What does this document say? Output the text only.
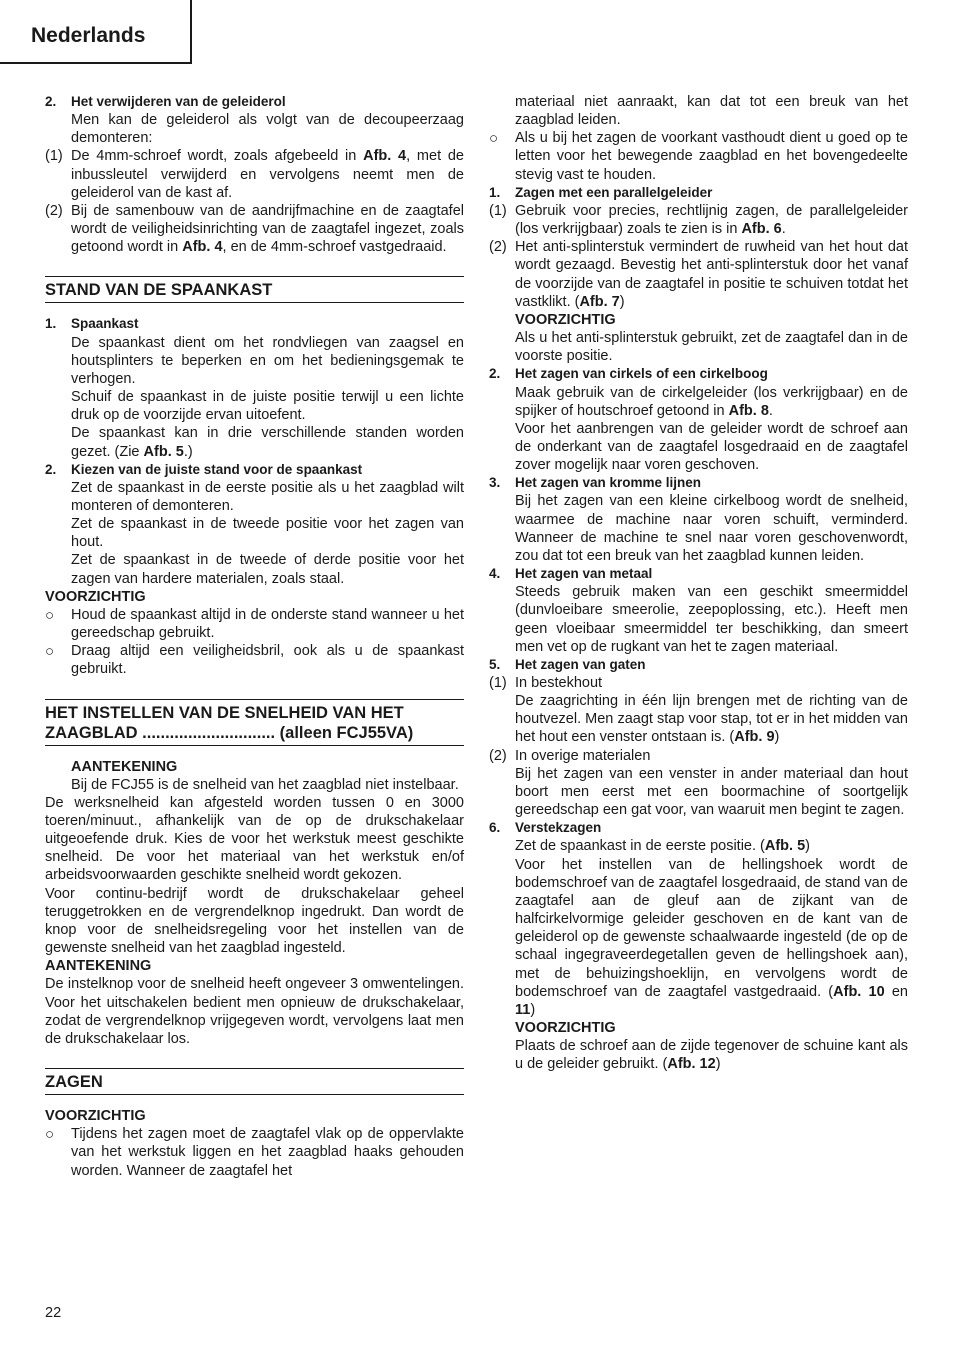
Nederlands
2. Het verwijderen van de geleiderol

Men kan de geleiderol als volgt van de decoupeerzaag demonteren:

(1) De 4mm-schroef wordt, zoals afgebeeld in Afb. 4, met de inbussleutel verwijderd en vervolgens neemt men de geleiderol van de kast af.

(2) Bij de samenbouw van de aandrijfmachine en de zaagtafel wordt de veiligheidsinrichting van de zaagtafel ingezet, zoals getoond wordt in Afb. 4, en de 4mm-schroef vastgedraaid.

STAND VAN DE SPAANKAST
1. Spaankast

De spaankast dient om het rondvliegen van zaagsel en houtsplinters te beperken en om het bedieningsgemak te verhogen.

Schuif de spaankast in de juiste positie terwijl u een lichte druk op de voorzijde ervan uitoefent.

De spaankast kan in drie verschillende standen worden gezet. (Zie Afb. 5.)

2. Kiezen van de juiste stand voor de spaankast

Zet de spaankast in de eerste positie als u het zaagblad wilt monteren of demonteren.

Zet de spaankast in de tweede positie voor het zagen van hout.

Zet de spaankast in de tweede of derde positie voor het zagen van hardere materialen, zoals staal.

VOORZICHTIG
○ Houd de spaankast altijd in de onderste stand wanneer u het gereedschap gebruikt.

○ Draag altijd een veiligheidsbril, ook als u de spaankast gebruikt.

HET INSTELLEN VAN DE SNELHEID VAN HET
ZAAGBLAD ............................. (alleen FCJ55VA)
AANTEKENING

Bij de FCJ55 is de snelheid van het zaagblad niet instelbaar.

De werksnelheid kan afgesteld worden tussen 0 en 3000 toeren/minuut., afhankelijk van de op de drukschakelaar uitgeoefende druk. Kies de voor het werkstuk meest geschikte snelheid. De voor het materiaal van het werkstuk en/of arbeidsvoorwaarden geschikte snelheid wordt gekozen.

Voor continu-bedrijf wordt de drukschakelaar geheel teruggetrokken en de vergrendelknop ingedrukt. Dan wordt de knop voor de snelheidsregeling voor het instellen van de gewenste snelheid van het zaagblad ingesteld.

AANTEKENING

De instelknop voor de snelheid heeft ongeveer 3 omwentelingen. Voor het uitschakelen bedient men opnieuw de drukschakelaar, zodat de vergrendelknop vrijgegeven wordt, vervolgens laat men de drukschakelaar los.

ZAGEN
VOORZICHTIG
○ Tijdens het zagen moet de zaagtafel vlak op de oppervlakte van het werkstuk liggen en het zaagblad haaks gehouden worden. Wanneer de zaagtafel het

materiaal niet aanraakt, kan dat tot een breuk van het zaagblad leiden.

○ Als u bij het zagen de voorkant vasthoudt dient u goed op te letten voor het bewegende zaagblad en het bovengedeelte stevig vast te houden.

1. Zagen met een parallelgeleider
(1) Gebruik voor precies, rechtlijnig zagen, de parallelgeleider (los verkrijgbaar) zoals te zien is in Afb. 6.

(2) Het anti-splinterstuk vermindert de ruwheid van het hout dat wordt gezaagd. Bevestig het anti-splinterstuk door het vanaf de voorzijde van de zaagtafel in positie te schuiven totdat het vastklikt. (Afb. 7)

VOORZICHTIG

Als u het anti-splinterstuk gebruikt, zet de zaagtafel dan in de voorste positie.

2. Het zagen van cirkels of een cirkelboog

Maak gebruik van de cirkelgeleider (los verkrijgbaar) en de spijker of houtschroef getoond in Afb. 8.

Voor het aanbrengen van de geleider wordt de schroef aan de onderkant van de zaagtafel losgedraaid en de zaagtafel zover mogelijk naar voren geschoven.

3. Het zagen van kromme lijnen

Bij het zagen van een kleine cirkelboog wordt de snelheid, waarmee de machine naar voren schuift, verminderd. Wanneer de machine te snel naar voren geschovenwordt, zou dat tot een breuk van het zaagblad kunnen leiden.

4. Het zagen van metaal

Steeds gebruik maken van een geschikt smeermiddel (dunvloeibare smeerolie, zeepoplossing, etc.). Heeft men geen vloeibaar smeermiddel ter beschikking, dan smeert men vet op de rugkant van het te zagen materiaal.

5. Het zagen van gaten
(1) In bestekhout

De zaagrichting in één lijn brengen met de richting van de houtvezel. Men zaagt stap voor stap, tot er in het midden van het hout een venster ontstaan is. (Afb. 9)

(2) In overige materialen

Bij het zagen van een venster in ander materiaal dan hout boort men eerst met een boormachine of soortgelijk gereedschap een gat voor, van waaruit men begint te zagen.

6. Verstekzagen

Zet de spaankast in de eerste positie. (Afb. 5)

Voor het instellen van de hellingshoek wordt de bodemschroef van de zaagtafel losgedraaid, de stand van de zaagtafel aan de gleuf aan de zijkant van de halfcirkelvormige geleider geschoven en de kant van de geleiderol op de gewenste schaalwaarde ingesteld (de op de schaal ingegraveerdegetallen geven de hellingshoek aan), met de behuizingshoeklijn, en vervolgens wordt de bodemschroef van de zaagtafel vastgedraaid. (Afb. 10 en 11)

VOORZICHTIG

Plaats de schroef aan de zijde tegenover de schuine kant als u de geleider gebruikt. (Afb. 12)

22
